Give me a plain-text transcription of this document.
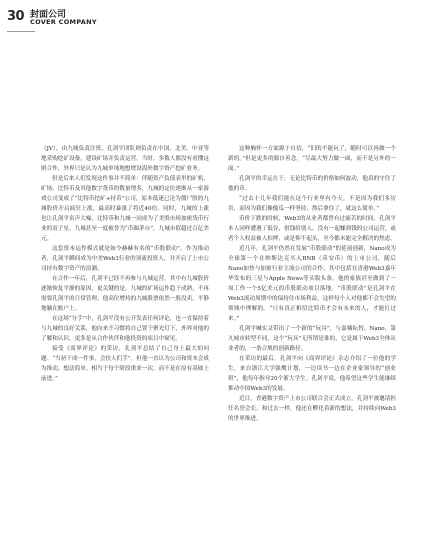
30 封面公司
COVER COMPANY

（JV），由九城负责注资，孔剑平团队则负责在中国、北美、中亚等地采购挖矿设备，建设矿场并负责运营。当时，多数人都没有看懂这则合作，外界只是认为九城单纯地想增设海外数字资产挖矿业务。

但是后来人们发现这件事并不简单：伴随资产负债表里的矿机、矿场、比特币及其他数字货币的数量增多，九城的定位逐渐从一家游戏公司变成了“比特币挖矿+持币”公司，原本低迷已沦为僵尸股的九城股价开启疯狂上涨，最高时暴涨了将近40倍。同时，九城的上涨也让孔剑平名声大噪，比特币和九城一同成为了美股市场加密货币行业的双子星，九城甚至一度被誉为“币圈茅台”，九城市值超过百亿美元。

这套资本运作模式就是如今赫赫有名的“币股联动”。作为推动者，孔剑平瞬间成为中美Web3行业的顶流投资人，并开启了上市公司持有数字资产的浪潮。

在合作一年后，孔剑平已经不再参与九城运营，其中有九城股价逐渐恢复平静的原因，更关键的是，九城的矿场运作趋于成熟，不再需要孔剑平的日常管理。他高位增持的九城股票依然一股没卖，平静地躺在账户上。

在这场“分手”中，孔剑平没有公开发表任何评论，也一直保持着与九城的良好关系，他向来不习惯将自己置于聚光灯下，外界对他的了解和认识，更多是从合作伙伴和他投资的项目中窥见。

接受《商界评论》的采访，孔剑平总结了自己身上最大的问题：“当初干成一件事，会扶人们手”。但他一直认为公司和资本会成为推动，想法简单。相当于每个阶段重来一次，而不是在原有基础上前进。”

这种胸怀一方面源于自信，“旧的不能玩了，随时可以再做一个新的。”但是更多的源自善念，“尽最大努力做一面，而不是另外的一面。”

孔剑平的幸运在于，无论比特币的价格如何波动，他真的守住了他的币。

“过去十几年我们能在这个行业里有今天，不是因为我们多厉害，而因为我们像傻瓜一样坚持，熬后拿住了，就这么简单。”

币价下跌的时候，Web3的从业者都曾有过痛苦的时间，孔剑平本人同样遭遇了低谷、借钱给别人、没有一起赚到钱的公司运营，或者个人权益被人扣押，或是仰不起头，至今都未能完全解决的焦虑。

近几年，孔剑平仍然在发展“币股联动”的延展创新，Nano成为全球第一个在纳斯达克买入BNB（币安币）的上市公司，随后Nano加快与加密行业主流公司的合作，其中包括在香港Web3嘉年华发布的三星与Apple News等头版头条。他的家族甚至做到了一周工作一个5亿美元的币股联动项目落地。“币股联动”是孔剑平在Web3流动周期中的保持住市场利益，这样每个人对他都不会失望的领域中理解的。“只有真正相信比特币才会有未来的人，才能打过来。”

孔剑平喊实又带出了一个新的“玩具”，与嘉楠耘智、Nano、第九城市转型不同，这个“玩具”无所谓是谁的，它是属于Web3全体从业者的，一条合规的创新路径。

在采访的最后，孔剑平向《商界评论》杂志介绍了一位他的学生，来自浙江大学强鹰计划，一边读书一边在企业家领导的“创业班”，他每年指导20个浙大学生。孔剑平说，他希望这些学生能继续推动中国Web3的发展。

近日，香港数字资产上市公司联合会正式成立，孔剑平被邀请担任名誉会长。和过去一样，他还在孵化着新的想法，并持续向Web3的世界推进。
